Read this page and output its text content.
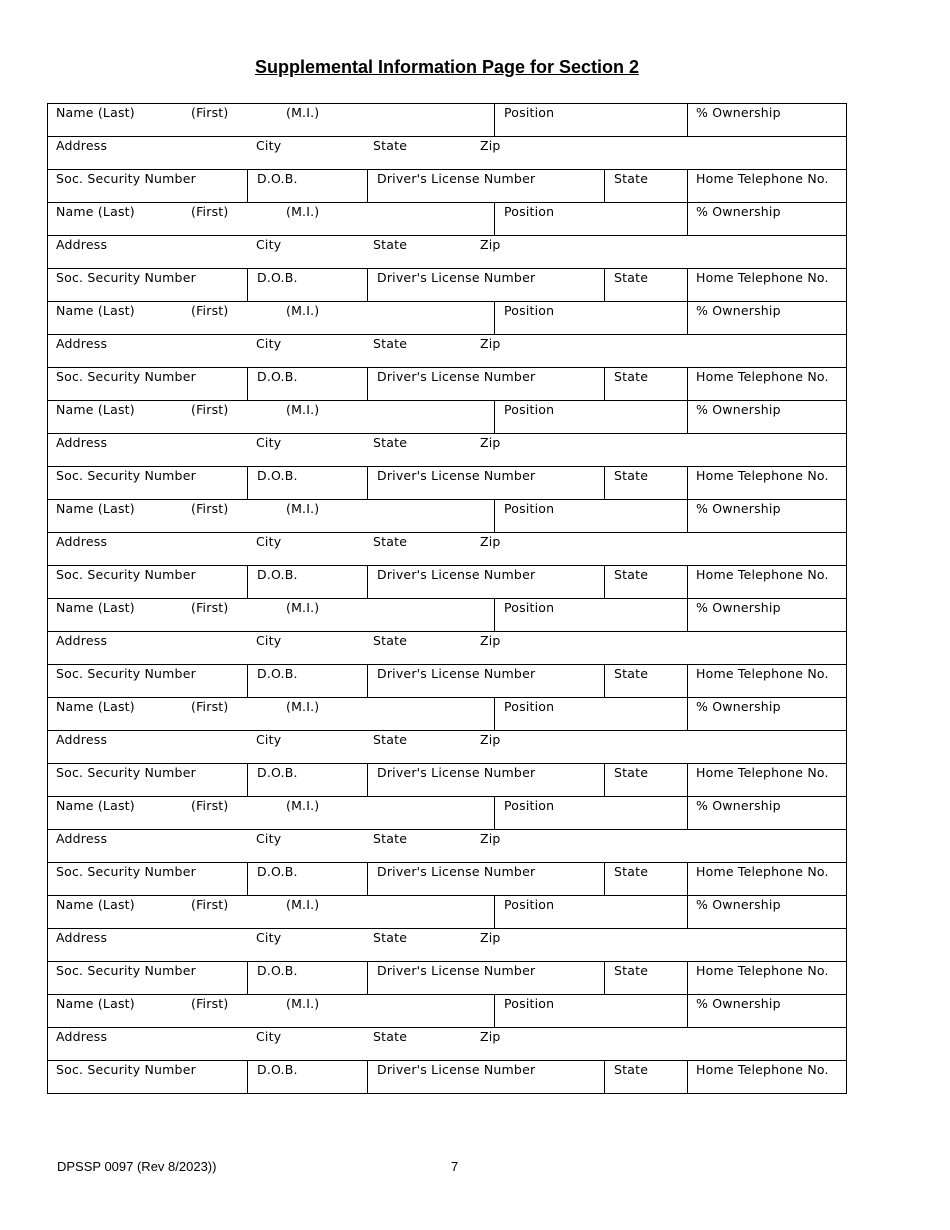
Supplemental Information Page for Section 2
Name (Last)	(First)	(M.I.)	Position	% Ownership
Address	City	State	Zip
Soc. Security Number	D.O.B.	Driver's License Number	State	Home Telephone No.
Name (Last)	(First)	(M.I.)	Position	% Ownership
Address	City	State	Zip
Soc. Security Number	D.O.B.	Driver's License Number	State	Home Telephone No.
Name (Last)	(First)	(M.I.)	Position	% Ownership
Address	City	State	Zip
Soc. Security Number	D.O.B.	Driver's License Number	State	Home Telephone No.
Name (Last)	(First)	(M.I.)	Position	% Ownership
Address	City	State	Zip
Soc. Security Number	D.O.B.	Driver's License Number	State	Home Telephone No.
Name (Last)	(First)	(M.I.)	Position	% Ownership
Address	City	State	Zip
Soc. Security Number	D.O.B.	Driver's License Number	State	Home Telephone No.
Name (Last)	(First)	(M.I.)	Position	% Ownership
Address	City	State	Zip
Soc. Security Number	D.O.B.	Driver's License Number	State	Home Telephone No.
Name (Last)	(First)	(M.I.)	Position	% Ownership
Address	City	State	Zip
Soc. Security Number	D.O.B.	Driver's License Number	State	Home Telephone No.
Name (Last)	(First)	(M.I.)	Position	% Ownership
Address	City	State	Zip
Soc. Security Number	D.O.B.	Driver's License Number	State	Home Telephone No.
Name (Last)	(First)	(M.I.)	Position	% Ownership
Address	City	State	Zip
Soc. Security Number	D.O.B.	Driver's License Number	State	Home Telephone No.
Name (Last)	(First)	(M.I.)	Position	% Ownership
Address	City	State	Zip
Soc. Security Number	D.O.B.	Driver's License Number	State	Home Telephone No.
DPSSP 0097 (Rev 8/2023))	7
